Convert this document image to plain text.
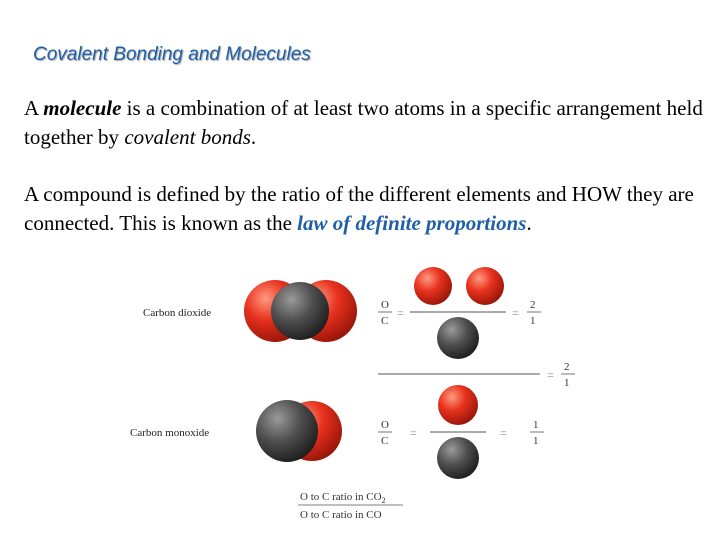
Covalent Bonding and Molecules
A molecule is a combination of at least two atoms in a specific arrangement held together by covalent bonds.
A compound is defined by the ratio of the different elements and HOW they are connected. This is known as the law of definite proportions.
Carbon dioxide
Carbon monoxide
O
C
=	=
2
1
=
2
1
O
C
=	=
1
1
O to C ratio in $CO_2$
O to C ratio in CO
